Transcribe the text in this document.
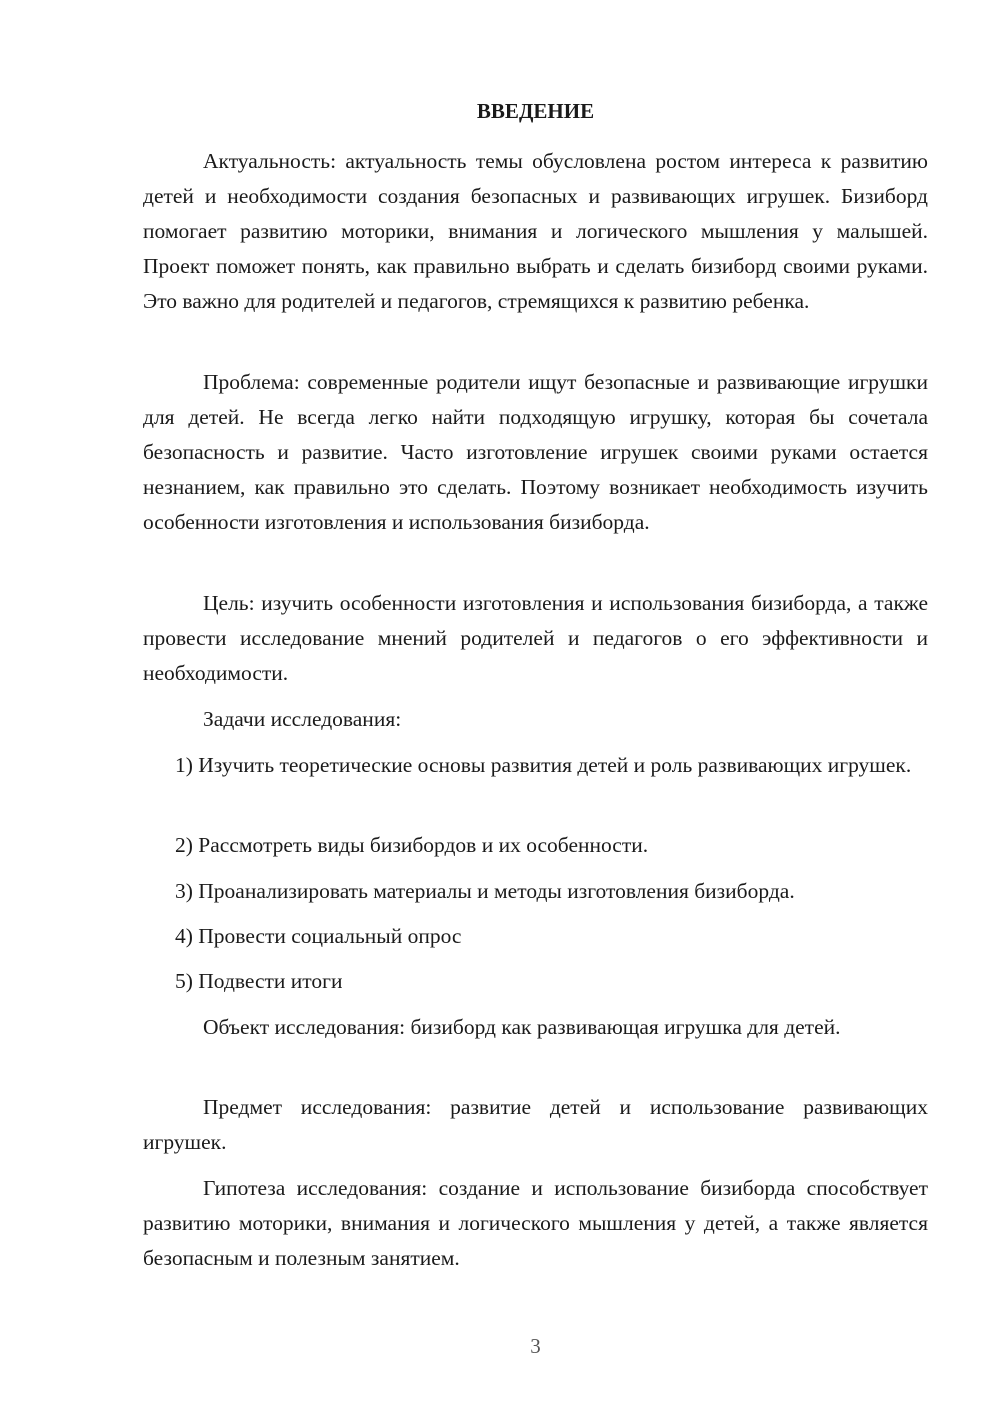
ВВЕДЕНИЕ

Актуальность: актуальность темы обусловлена ростом интереса к развитию детей и необходимости создания безопасных и развивающих игрушек. Бизиборд помогает развитию моторики, внимания и логического мышления у малышей. Проект поможет понять, как правильно выбрать и сделать бизиборд своими руками. Это важно для родителей и педагогов, стремящихся к развитию ребенка.

Проблема: современные родители ищут безопасные и развивающие игрушки для детей. Не всегда легко найти подходящую игрушку, которая бы сочетала безопасность и развитие. Часто изготовление игрушек своими руками остается незнанием, как правильно это сделать. Поэтому возникает необходимость изучить особенности изготовления и использования бизиборда.

Цель: изучить особенности изготовления и использования бизиборда, а также провести исследование мнений родителей и педагогов о его эффективности и необходимости.

Задачи исследования:

1) Изучить теоретические основы развития детей и роль развивающих игрушек.

2) Рассмотреть виды бизибордов и их особенности.

3) Проанализировать материалы и методы изготовления бизиборда.

4) Провести социальный опрос

5) Подвести итоги

Объект исследования: бизиборд как развивающая игрушка для детей.

Предмет исследования: развитие детей и использование развивающих игрушек.

Гипотеза исследования: создание и использование бизиборда способствует развитию моторики, внимания и логического мышления у детей, а также является безопасным и полезным занятием.

3
